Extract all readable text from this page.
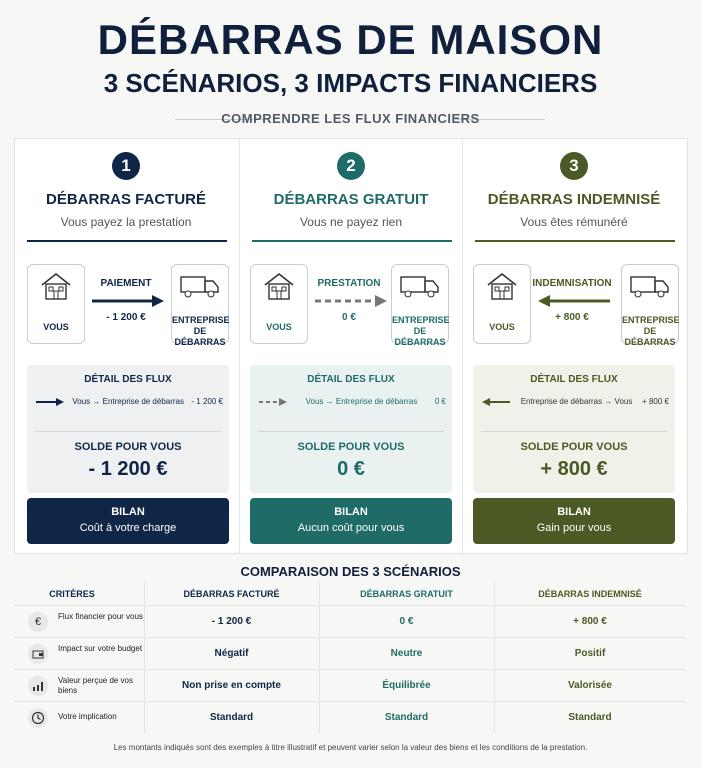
DÉBARRAS DE MAISON
3 SCÉNARIOS, 3 IMPACTS FINANCIERS
COMPRENDRE LES FLUX FINANCIERS
1
DÉBARRAS FACTURÉ
Vous payez la prestation
VOUS
PAIEMENT
- 1 200 €	ENTREPRISE
DE DÉBARRAS
DÉTAIL DES FLUX
Vous → Entreprise de débarras - 1 200 €
SOLDE POUR VOUS
- 1 200 €
BILAN
Coût à votre charge
2
DÉBARRAS GRATUIT
Vous ne payez rien
VOUS
PRESTATION
0 €	ENTREPRISE
DE DÉBARRAS
DÉTAIL DES FLUX
Vous → Entreprise de débarras	0 €
SOLDE POUR VOUS
0 €
BILAN
Aucun coût pour vous
3
DÉBARRAS INDEMNISÉ
Vous êtes rémunéré
VOUS
INDEMNISATION
+ 800 €	ENTREPRISE
DE DÉBARRAS
DÉTAIL DES FLUX
Entreprise de débarras → Vous	+ 800 €
SOLDE POUR VOUS
+ 800 €
BILAN
Gain pour vous
COMPARAISON DES 3 SCÉNARIOS
CRITÈRES	DÉBARRAS FACTURÉ	DÉBARRAS GRATUIT	DÉBARRAS INDEMNISÉ
€	Flux financier pour vous	- 1 200 €	0 €	+ 800 €
Impact sur votre budget	Négatif	Neutre	Positif
Valeur perçue de vos biens	Non prise en compte	Équilibrée	Valorisée
Votre implication	Standard	Standard	Standard
Les montants indiqués sont des exemples à titre illustratif et peuvent varier selon la valeur des biens et les conditions de la prestation.
